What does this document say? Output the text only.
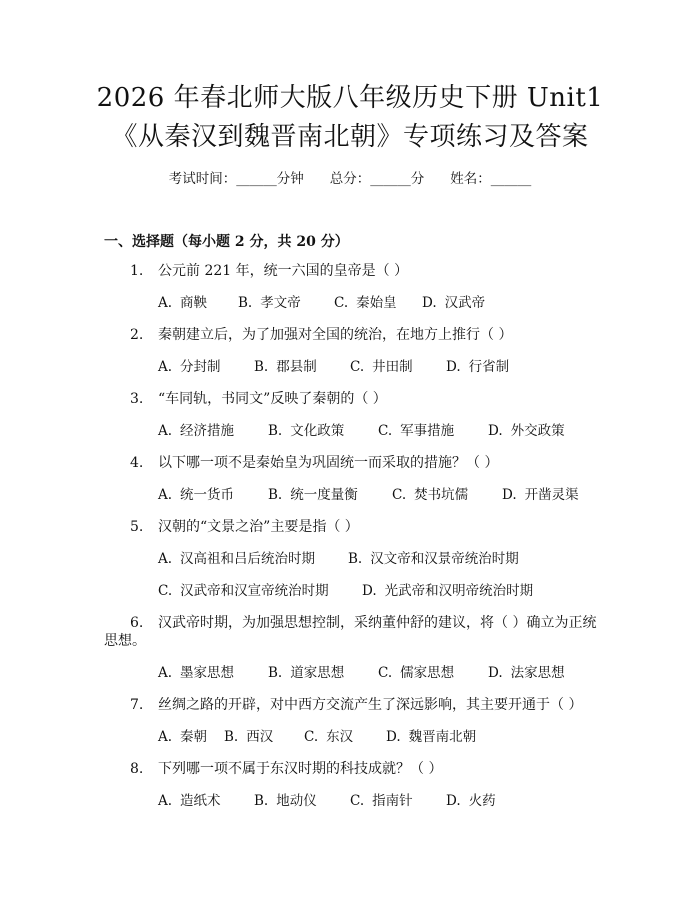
2026 年春北师大版八年级历史下册 Unit1
《从秦汉到魏晋南北朝》专项练习及答案
考试时间：______分钟 总分：______分 姓名：______
一、选择题（每小题 2 分，共 20 分）
1. 公元前 221 年，统一六国的皇帝是（ ）
A. 商鞅 B. 孝文帝 C. 秦始皇 D. 汉武帝
2. 秦朝建立后，为了加强对全国的统治，在地方上推行（ ）
A. 分封制 B. 郡县制 C. 井田制 D. 行省制
3. “车同轨，书同文”反映了秦朝的（ ）
A. 经济措施	B. 文化政策	C. 军事措施	D. 外交政策
4. 以下哪一项不是秦始皇为巩固统一而采取的措施？（ ）
A. 统一货币	B. 统一度量衡	C. 焚书坑儒	D. 开凿灵渠
5. 汉朝的“文景之治”主要是指（ ）
A. 汉高祖和吕后统治时期 B. 汉文帝和汉景帝统治时期
C. 汉武帝和汉宣帝统治时期 D. 光武帝和汉明帝统治时期
6. 汉武帝时期，为加强思想控制，采纳董仲舒的建议，将（ ）确立为正统
思想。
A. 墨家思想	B. 道家思想	C. 儒家思想	D. 法家思想
7. 丝绸之路的开辟，对中西方交流产生了深远影响，其主要开通于（ ）
A. 秦朝 B. 西汉 C. 东汉 D. 魏晋南北朝
8. 下列哪一项不属于东汉时期的科技成就？（ ）
A. 造纸术 B. 地动仪 C. 指南针 D. 火药
